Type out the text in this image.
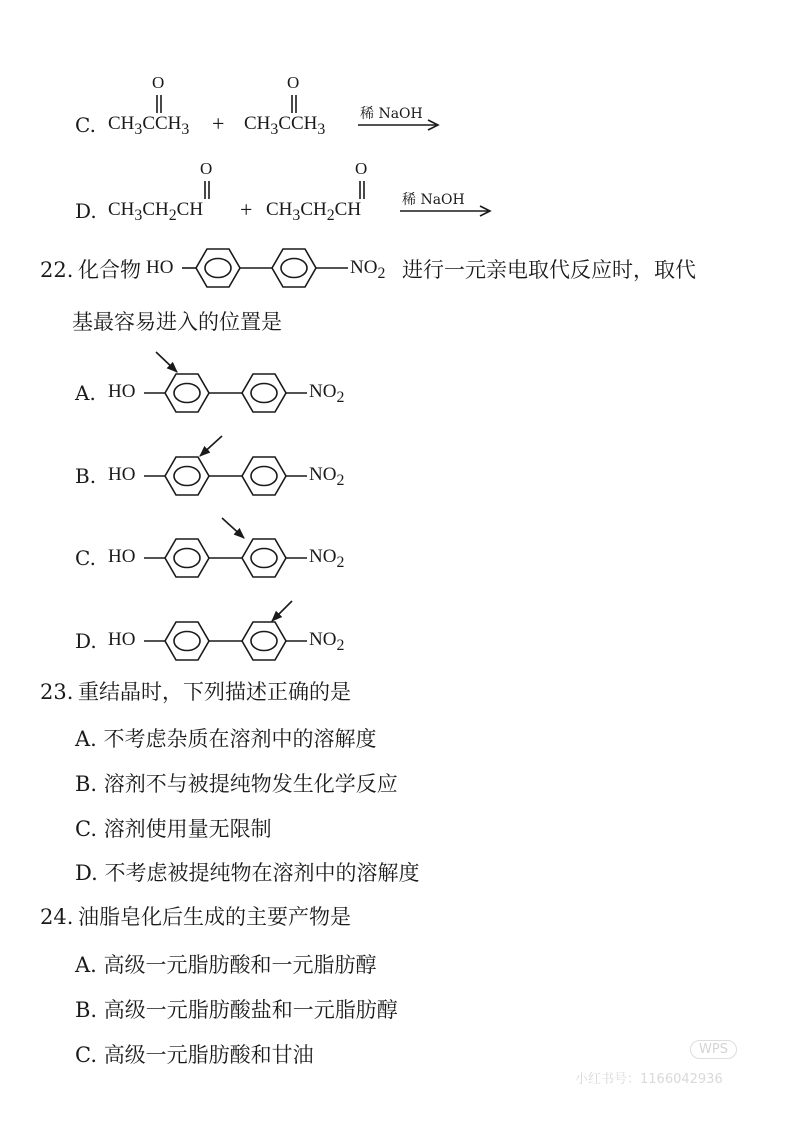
C. $CH_3CCH_3 + CH_3CCH_3$
O	O
稀 NaOH
D. $CH_3CH_2CH + CH_3CH_2CH$
O	O
稀 NaOH
22. 化合物	进行一元亲电取代反应时，取代
基最容易进入的位置是
HO	$NO_2$
A. HO	$NO_2$
B. HO	$NO_2$
C. HO	$NO_2$
D. HO	$NO_2$
23. 重结晶时，下列描述正确的是
A. 不考虑杂质在溶剂中的溶解度
B. 溶剂不与被提纯物发生化学反应
C. 溶剂使用量无限制
D. 不考虑被提纯物在溶剂中的溶解度
24. 油脂皂化后生成的主要产物是
A. 高级一元脂肪酸和一元脂肪醇
B. 高级一元脂肪酸盐和一元脂肪醇
C. 高级一元脂肪酸和甘油	WPS
小红书号：1166042936
